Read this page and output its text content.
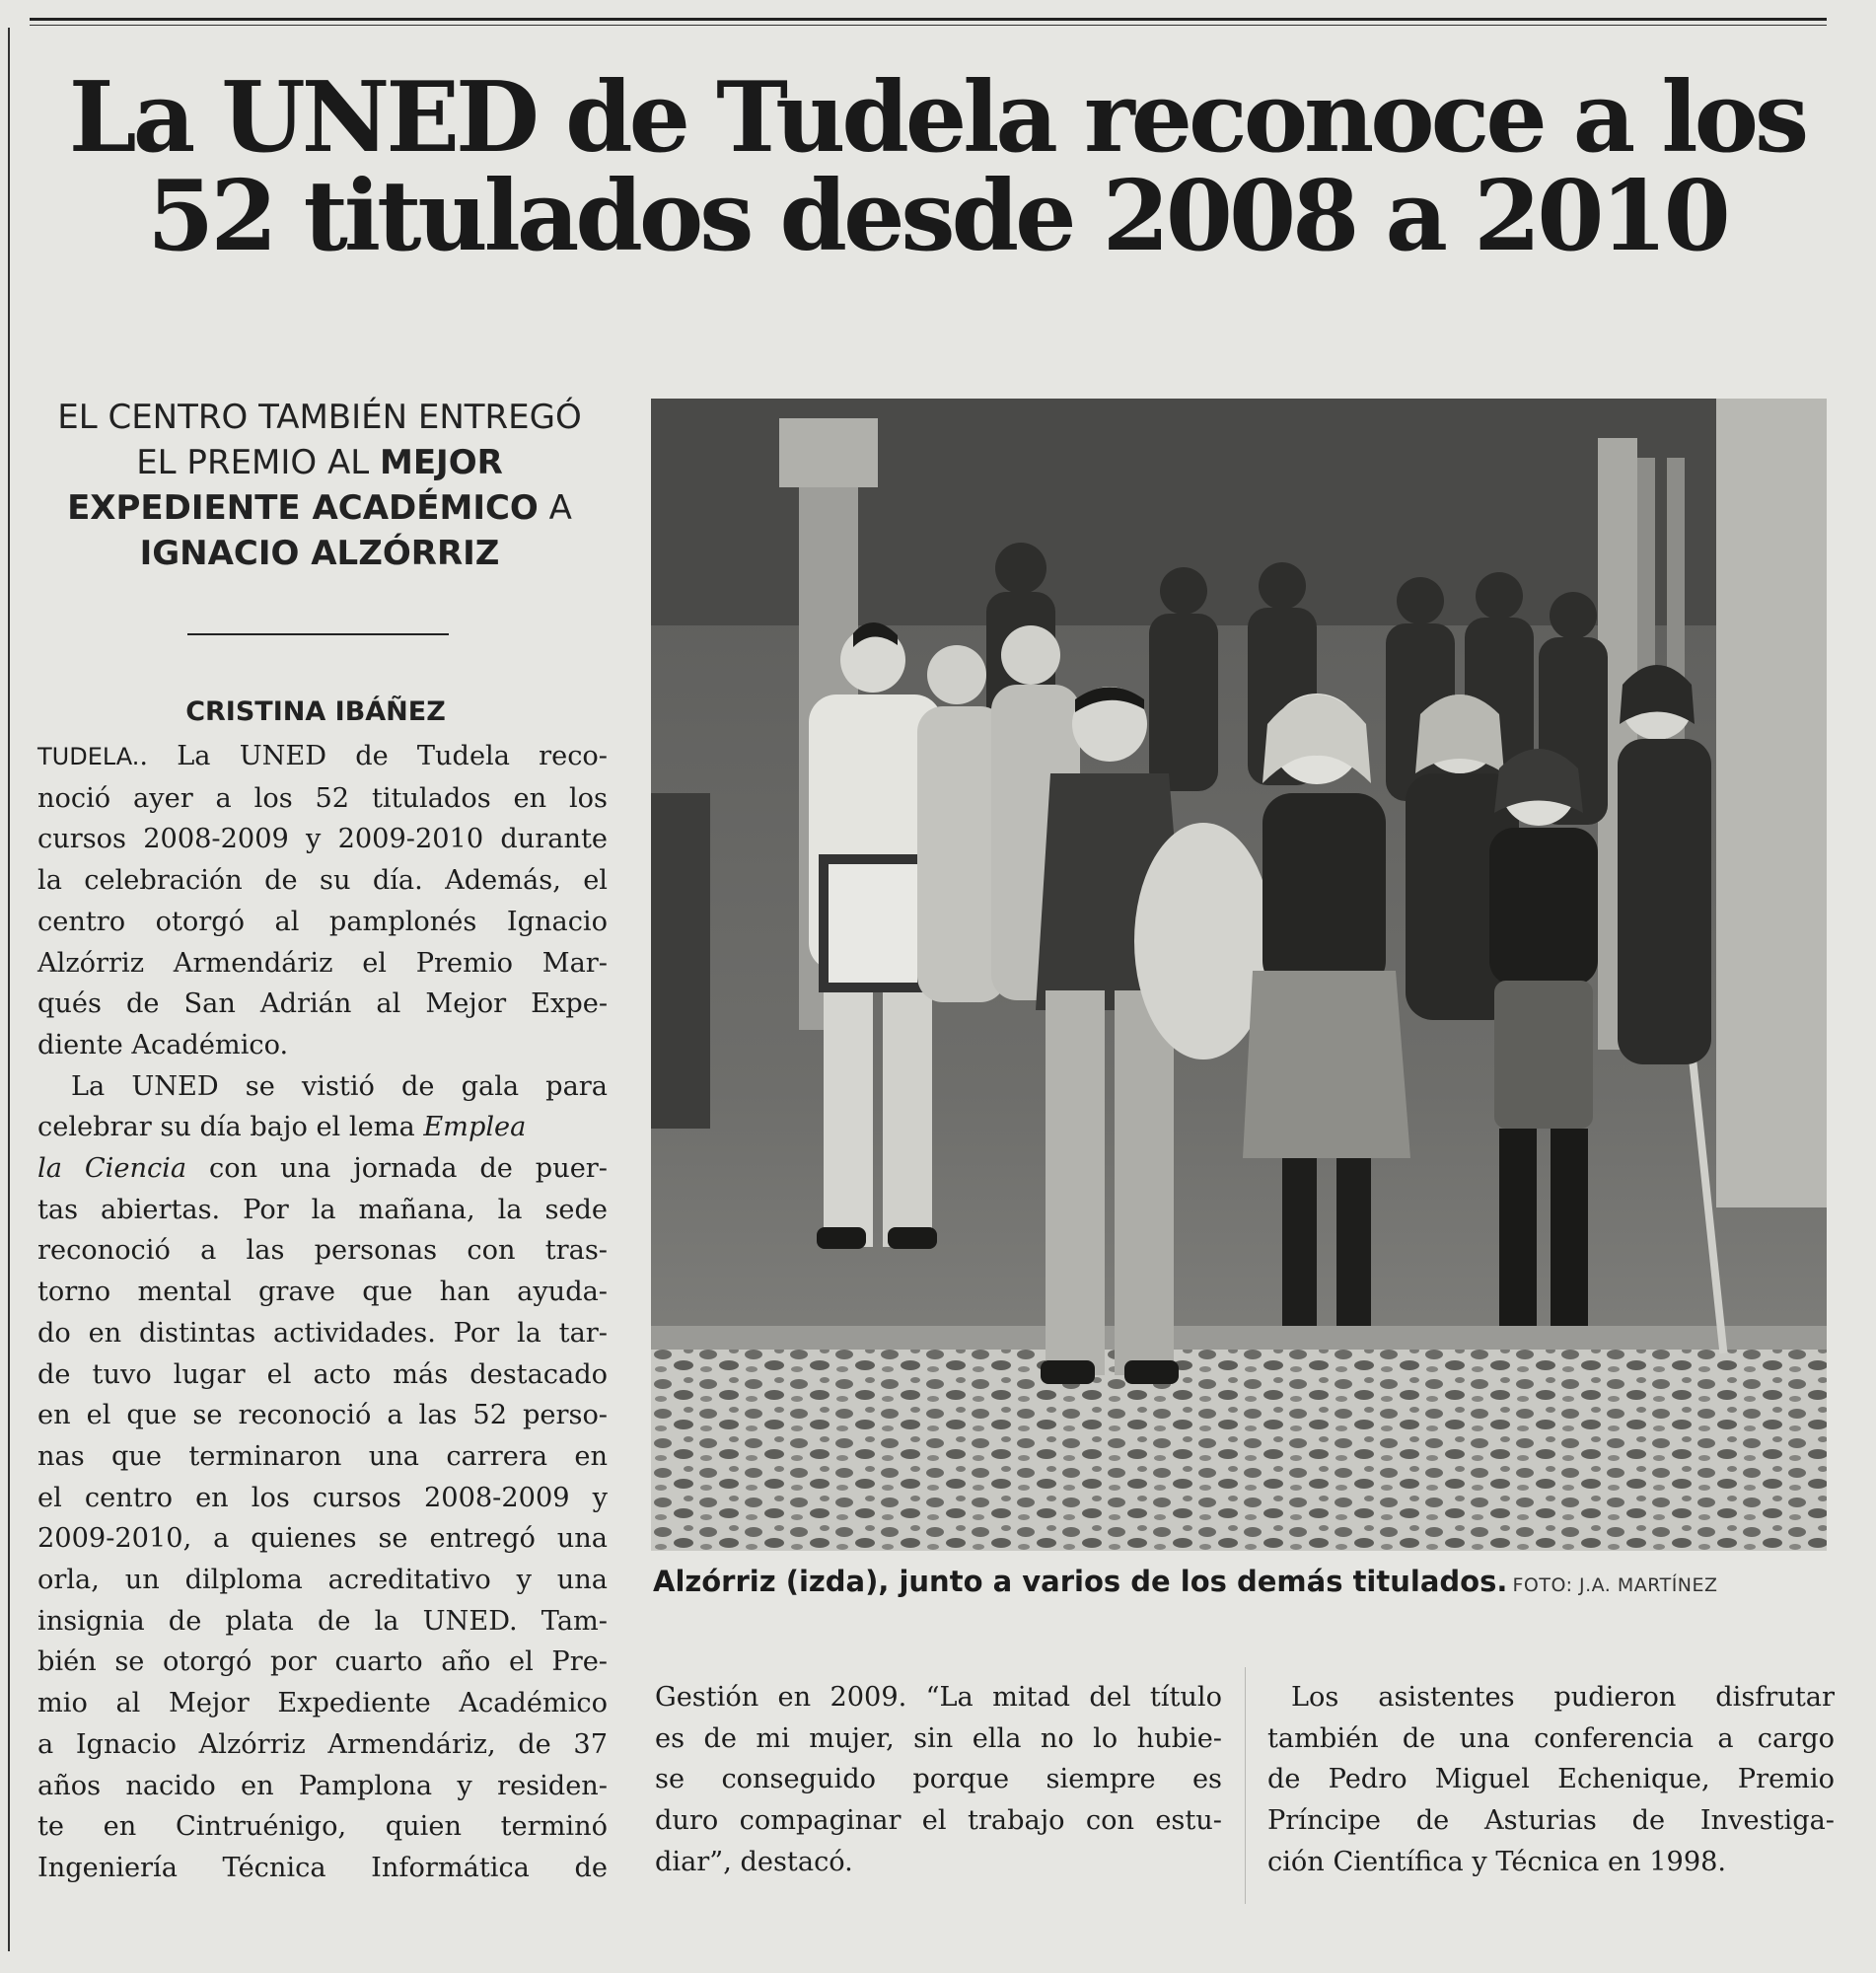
La UNED de Tudela reconoce a los
52 titulados desde 2008 a 2010
EL CENTRO TAMBIÉN ENTREGÓ
EL PREMIO AL MEJOR
EXPEDIENTE ACADÉMICO A
IGNACIO ALZÓRRIZ
CRISTINA IBÁÑEZ
TUDELA.. La UNED de Tudela reco-
noció ayer a los 52 titulados en los
cursos 2008-2009 y 2009-2010 durante
la celebración de su día. Además, el
centro otorgó al pamplonés Ignacio
Alzórriz Armendáriz el Premio Mar-
qués de San Adrián al Mejor Expe-
diente Académico.
La UNED se vistió de gala para
celebrar su día bajo el lema Emplea
la Ciencia con una jornada de puer-
tas abiertas. Por la mañana, la sede
reconoció a las personas con tras-
torno mental grave que han ayuda-
do en distintas actividades. Por la tar-
de tuvo lugar el acto más destacado
en el que se reconoció a las 52 perso-
nas que terminaron una carrera en
el centro en los cursos 2008-2009 y
2009-2010, a quienes se entregó una
orla, un dilploma acreditativo y una
insignia de plata de la UNED. Tam-
bién se otorgó por cuarto año el Pre-
mio al Mejor Expediente Académico
a Ignacio Alzórriz Armendáriz, de 37
años nacido en Pamplona y residen-
te en Cintruénigo, quien terminó
Ingeniería Técnica Informática de
Alzórriz (izda), junto a varios de los demás titulados. FOTO: J.A. MARTÍNEZ
Gestión en 2009. “La mitad del título
es de mi mujer, sin ella no lo hubie-
se conseguido porque siempre es
duro compaginar el trabajo con estu-
diar”, destacó.
Los asistentes pudieron disfrutar
también de una conferencia a cargo
de Pedro Miguel Echenique, Premio
Príncipe de Asturias de Investiga-
ción Científica y Técnica en 1998.
